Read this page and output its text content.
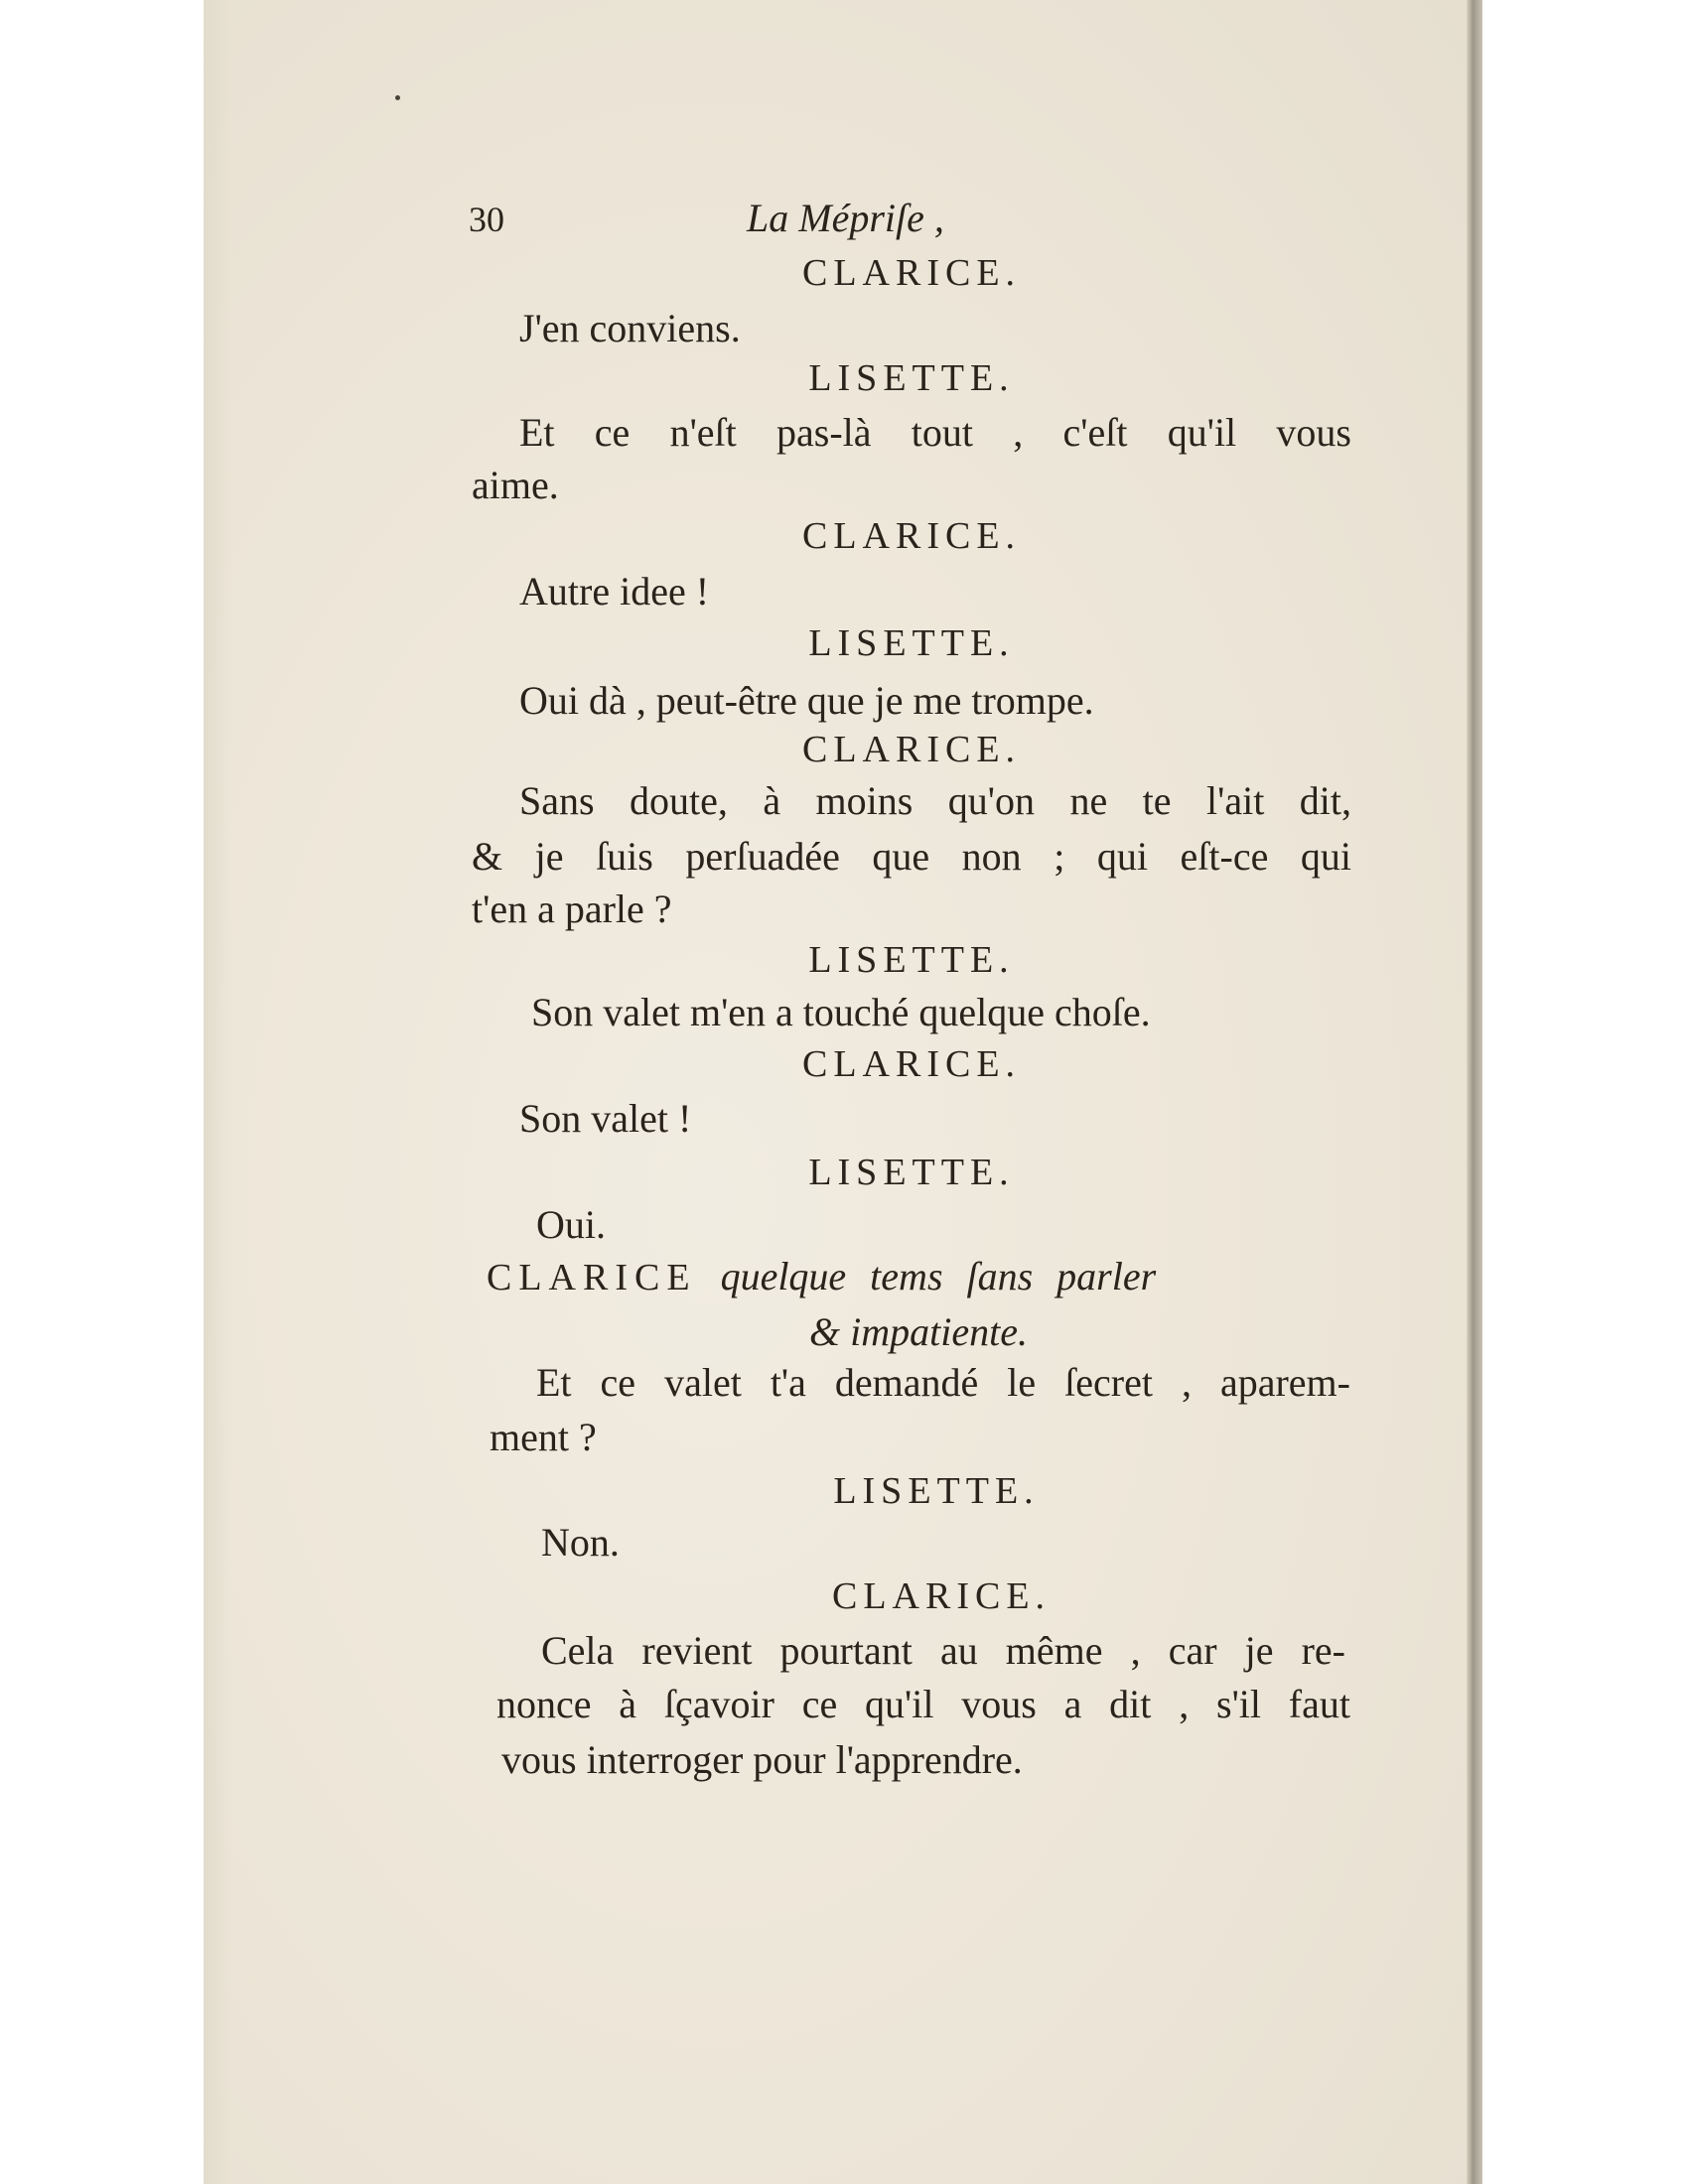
30	La Mépriſe ,
CLARICE.
J'en conviens.
LISETTE.
Et ce n'eſt pas-là tout , c'eſt qu'il vous
aime.
CLARICE.
Autre idee !
LISETTE.
Oui dà , peut-être que je me trompe.
CLARICE.
Sans doute, à moins qu'on ne te l'ait dit,
& je ſuis perſuadée que non ; qui eſt-ce qui
t'en a parle ?
LISETTE.
Son valet m'en a touché quelque choſe.
CLARICE.
Son valet !
LISETTE.
Oui.
CLARICE quelque tems ſans parler
& impatiente.
Et ce valet t'a demandé le ſecret , aparem-
ment ?
LISETTE.
Non.
CLARICE.
Cela revient pourtant au même , car je re-
nonce à ſçavoir ce qu'il vous a dit , s'il faut
vous interroger pour l'apprendre.
